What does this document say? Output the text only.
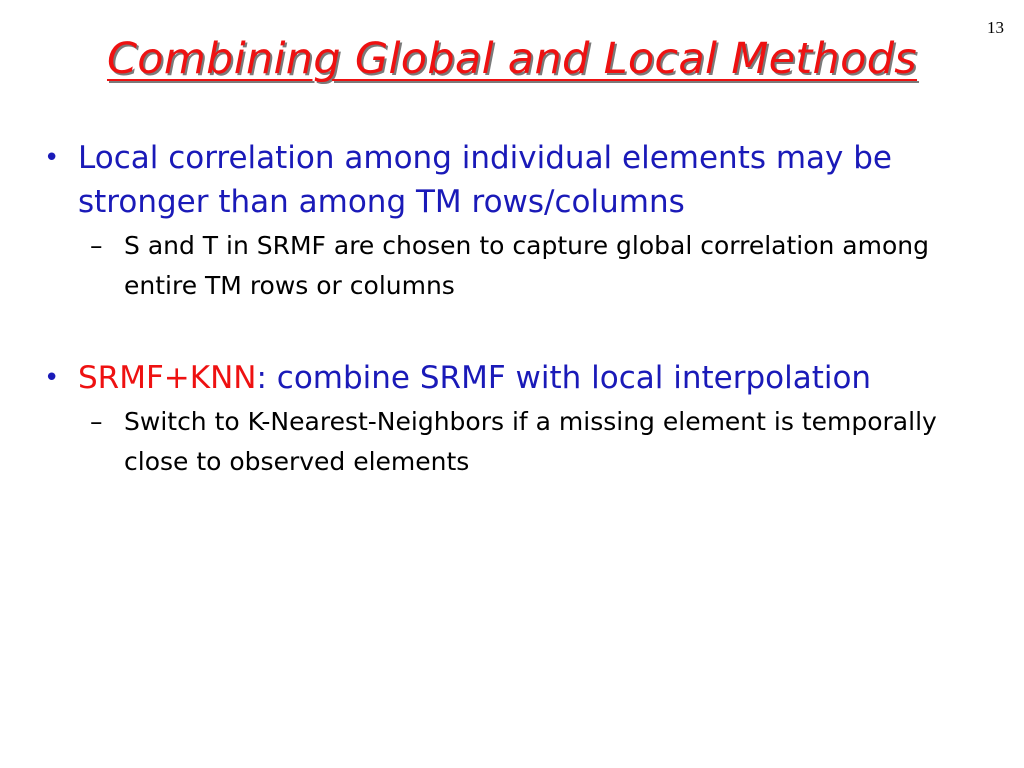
13
Combining Global and Local Methods
• Local correlation among individual elements may be stronger than among TM rows/columns
– S and T in SRMF are chosen to capture global correlation among entire TM rows or columns
• SRMF+KNN: combine SRMF with local interpolation
– Switch to K-Nearest-Neighbors if a missing element is temporally close to observed elements
